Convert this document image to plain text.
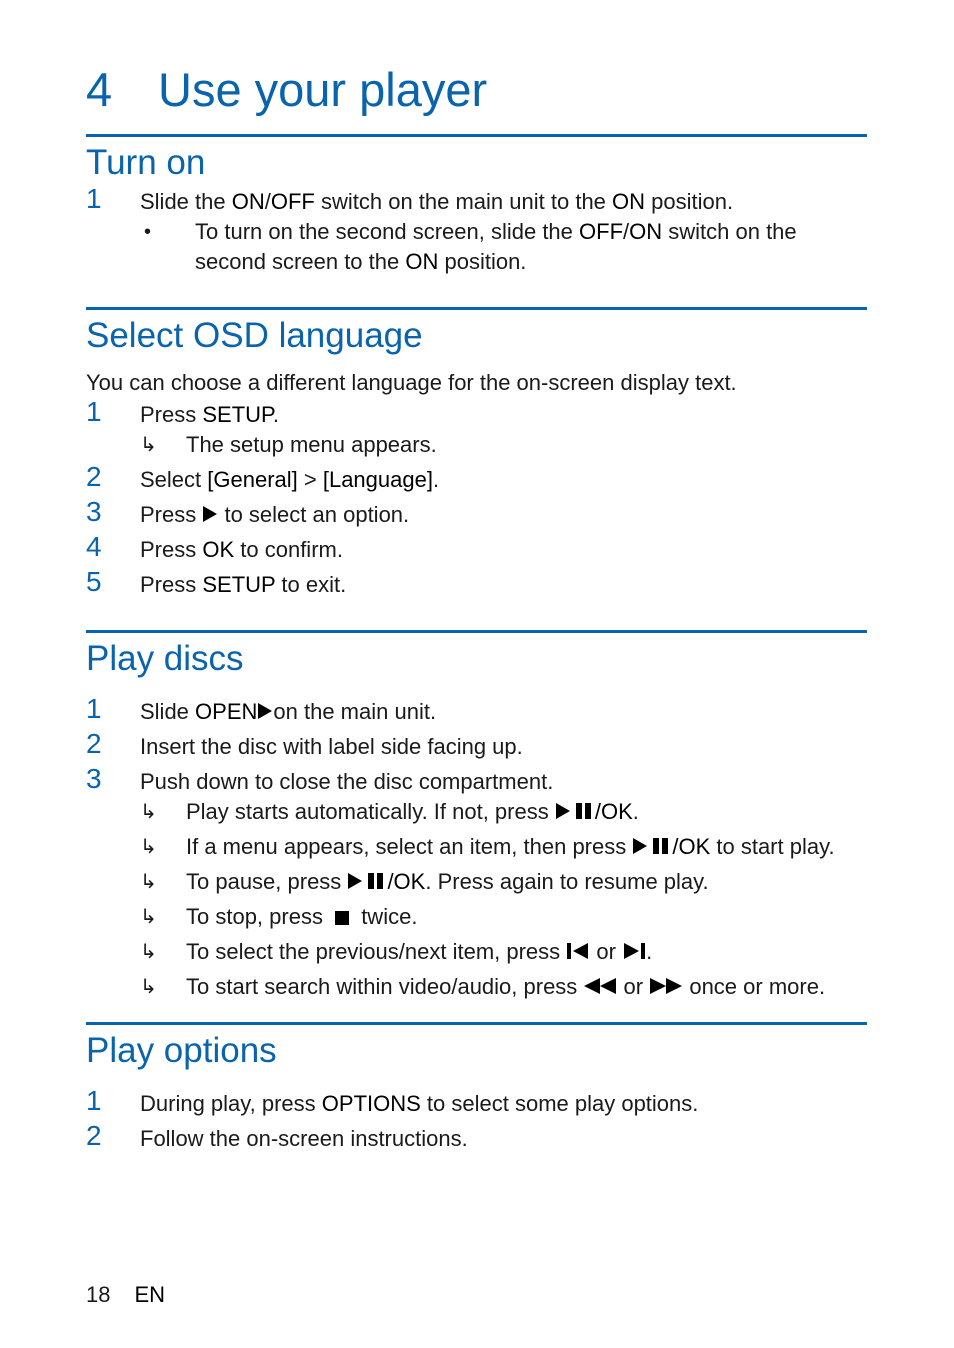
4 Use your player
Turn on
1 Slide the ON/OFF switch on the main unit to the ON position.
• To turn on the second screen, slide the OFF/ON switch on the second screen to the ON position.
Select OSD language

You can choose a different language for the on-screen display text.

1 Press SETUP.
↳ The setup menu appears.
2 Select [General] > [Language].
3 Press
to select an option.
4 Press OK to confirm.
5 Press SETUP to exit.
Play discs
1 Slide OPEN on the main unit.
2 Insert the disc with label side facing up.
3 Push down to close the disc compartment.
↳ Play starts automatically. If not, press
/OK.
↳ If a menu appears, select an item, then press
/OK to start play.
↳ To pause, press
/OK. Press again to resume play.
↳ To stop, press
twice.
↳ To select the previous/next item, press
or
.
↳ To start search within video/audio, press
or
once or more.
Play options
1 During play, press OPTIONS to select some play options.
2 Follow the on-screen instructions.
18 EN
